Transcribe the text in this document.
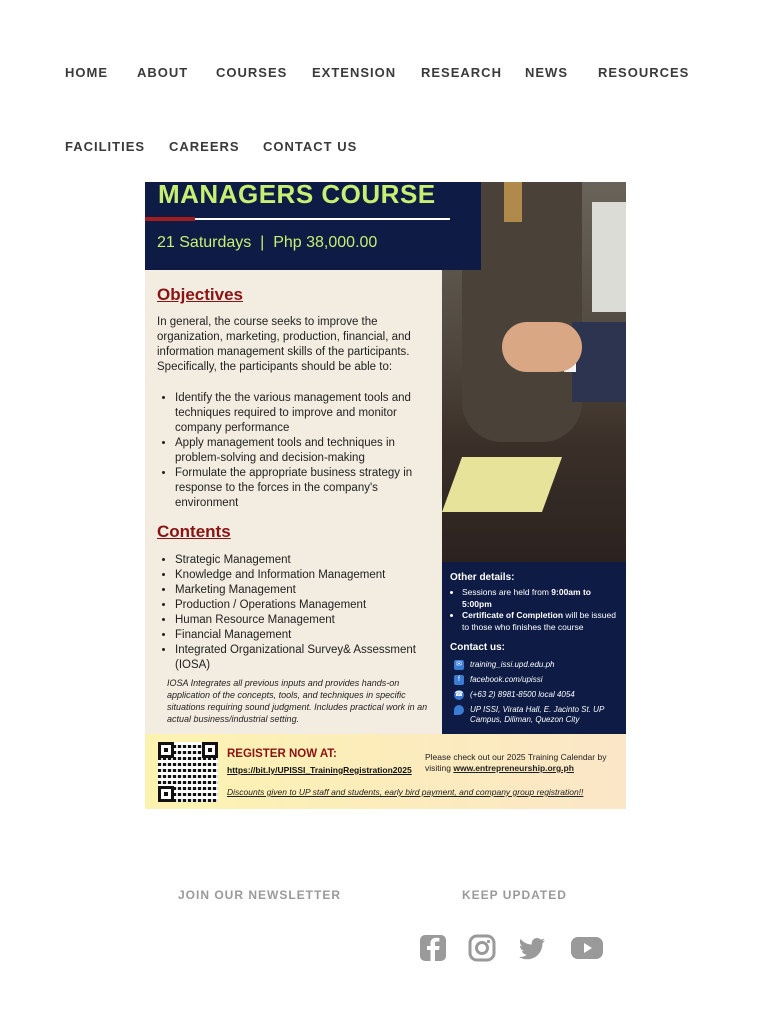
HOME ABOUT COURSES EXTENSION RESEARCH NEWS RESOURCES
FACILITIES CAREERS CONTACT US
MANAGERS COURSE
21 Saturdays  |  Php 38,000.00
Objectives

In general, the course seeks to improve the organization, marketing, production, financial, and information management skills of the participants. Specifically, the participants should be able to:

• Identify the the various management tools and techniques required to improve and monitor company performance
• Apply management tools and techniques in problem-solving and decision-making
• Formulate the appropriate business strategy in response to the forces in the company's environment
Contents
• Strategic Management
• Knowledge and Information Management
• Marketing Management
• Production / Operations Management
• Human Resource Management
• Financial Management
• Integrated Organizational Survey& Assessment (IOSA)

IOSA Integrates all previous inputs and provides hands-on application of the concepts, tools, and techniques in specific situations requiring sound judgment. Includes practical work in an actual business/industrial setting.

Other details:
• Sessions are held from 9:00am to 5:00pm
• Certificate of Completion will be issued to those who finishes the course
Contact us:
✉ training_issi.upd.edu.ph
f	facebook.com/upissi
☎ (+63 2) 8981-8500 local 4054
UP ISSI, Virata Hall, E. Jacinto St. UP Campus, Diliman, Quezon City
REGISTER NOW AT:
https://bit.ly/UPISSI_TrainingRegistration2025
Please check out our 2025 Training Calendar by visiting www.entrepreneurship.org.ph
Discounts given to UP staff and students, early bird payment, and company group registration!!
JOIN OUR NEWSLETTER	KEEP UPDATED
